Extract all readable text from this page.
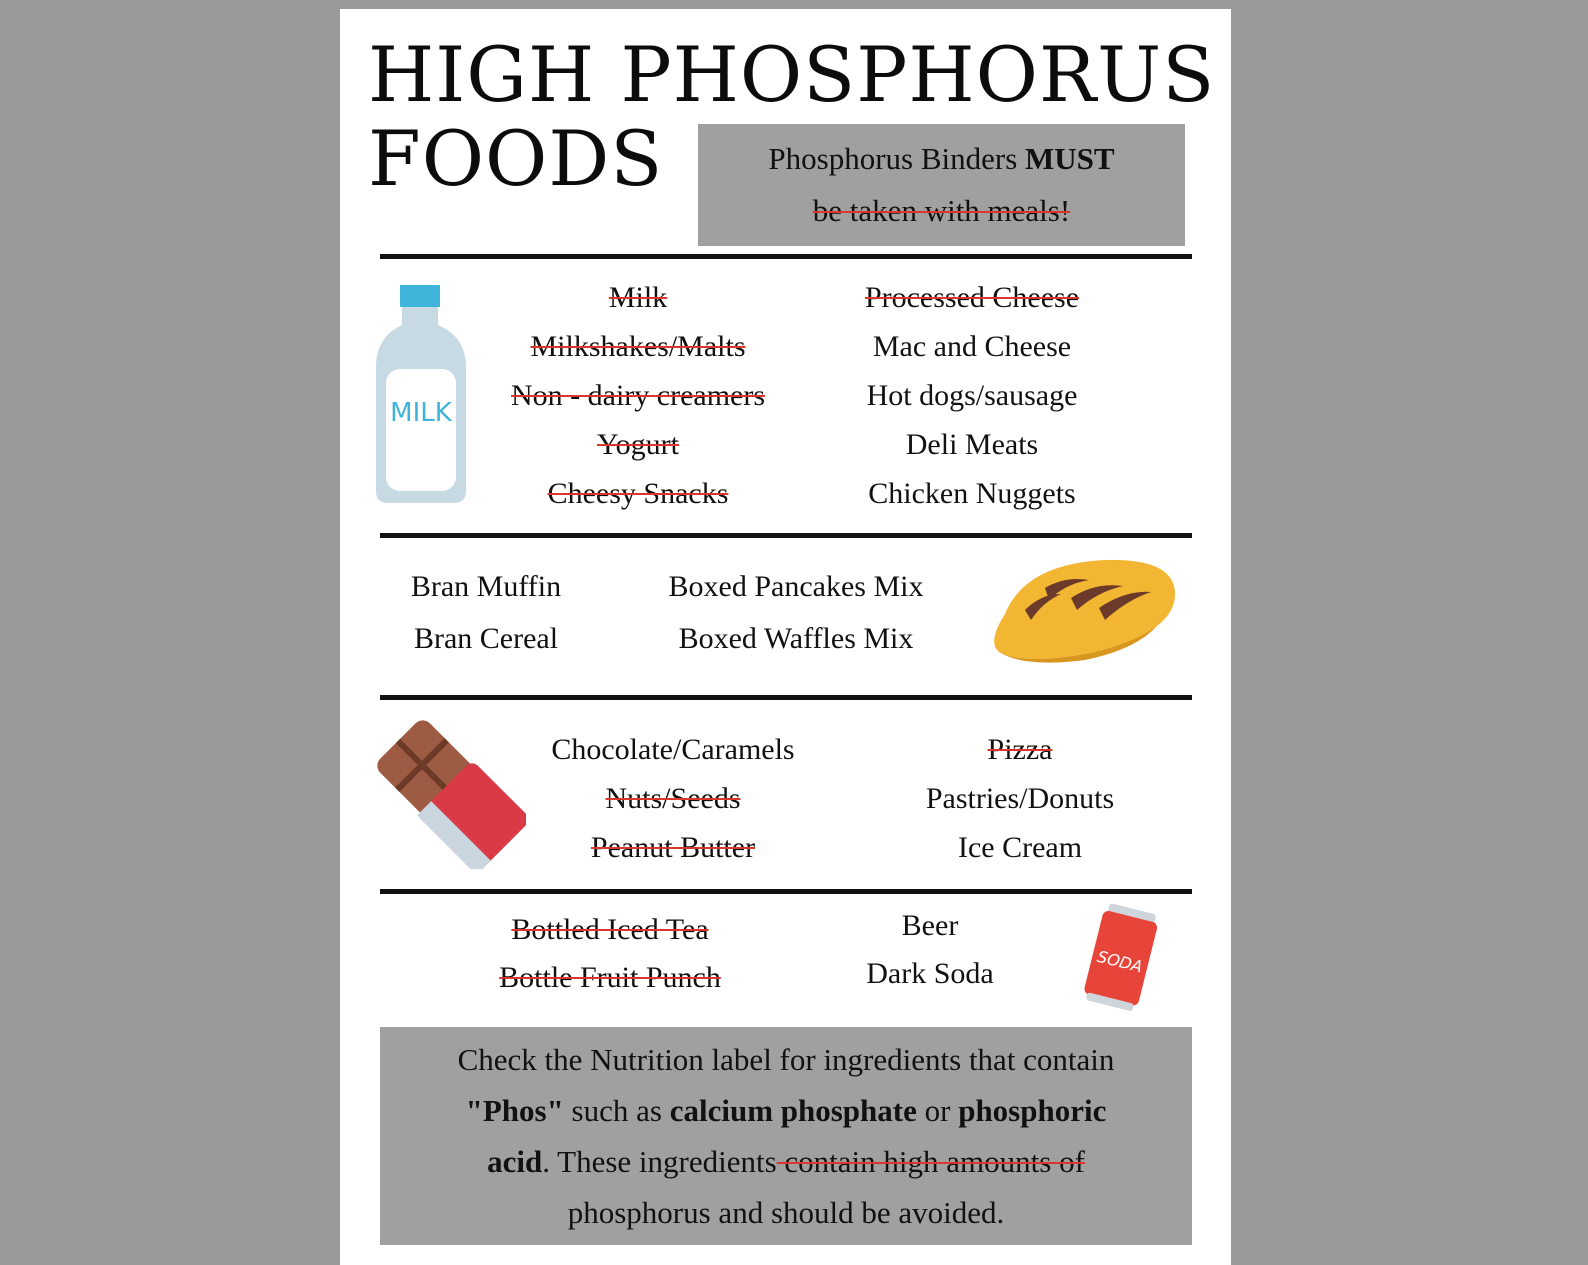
HIGH PHOSPHORUS
FOODS	Phosphorus Binders MUST
be taken with meals!
MILK
Milk
Milkshakes/Malts
Non - dairy creamers
Yogurt
Cheesy Snacks
Processed Cheese
Mac and Cheese
Hot dogs/sausage
Deli Meats
Chicken Nuggets
Bran Muffin
Bran Cereal
Boxed Pancakes Mix
Boxed Waffles Mix
Chocolate/Caramels
Nuts/Seeds
Peanut Butter
Pizza
Pastries/Donuts
Ice Cream
Bottled Iced Tea
Bottle Fruit Punch
Beer
Dark Soda	SODA
Check the Nutrition label for ingredients that contain
"Phos" such as calcium phosphate or phosphoric
acid. These ingredients contain high amounts of
phosphorus and should be avoided.
